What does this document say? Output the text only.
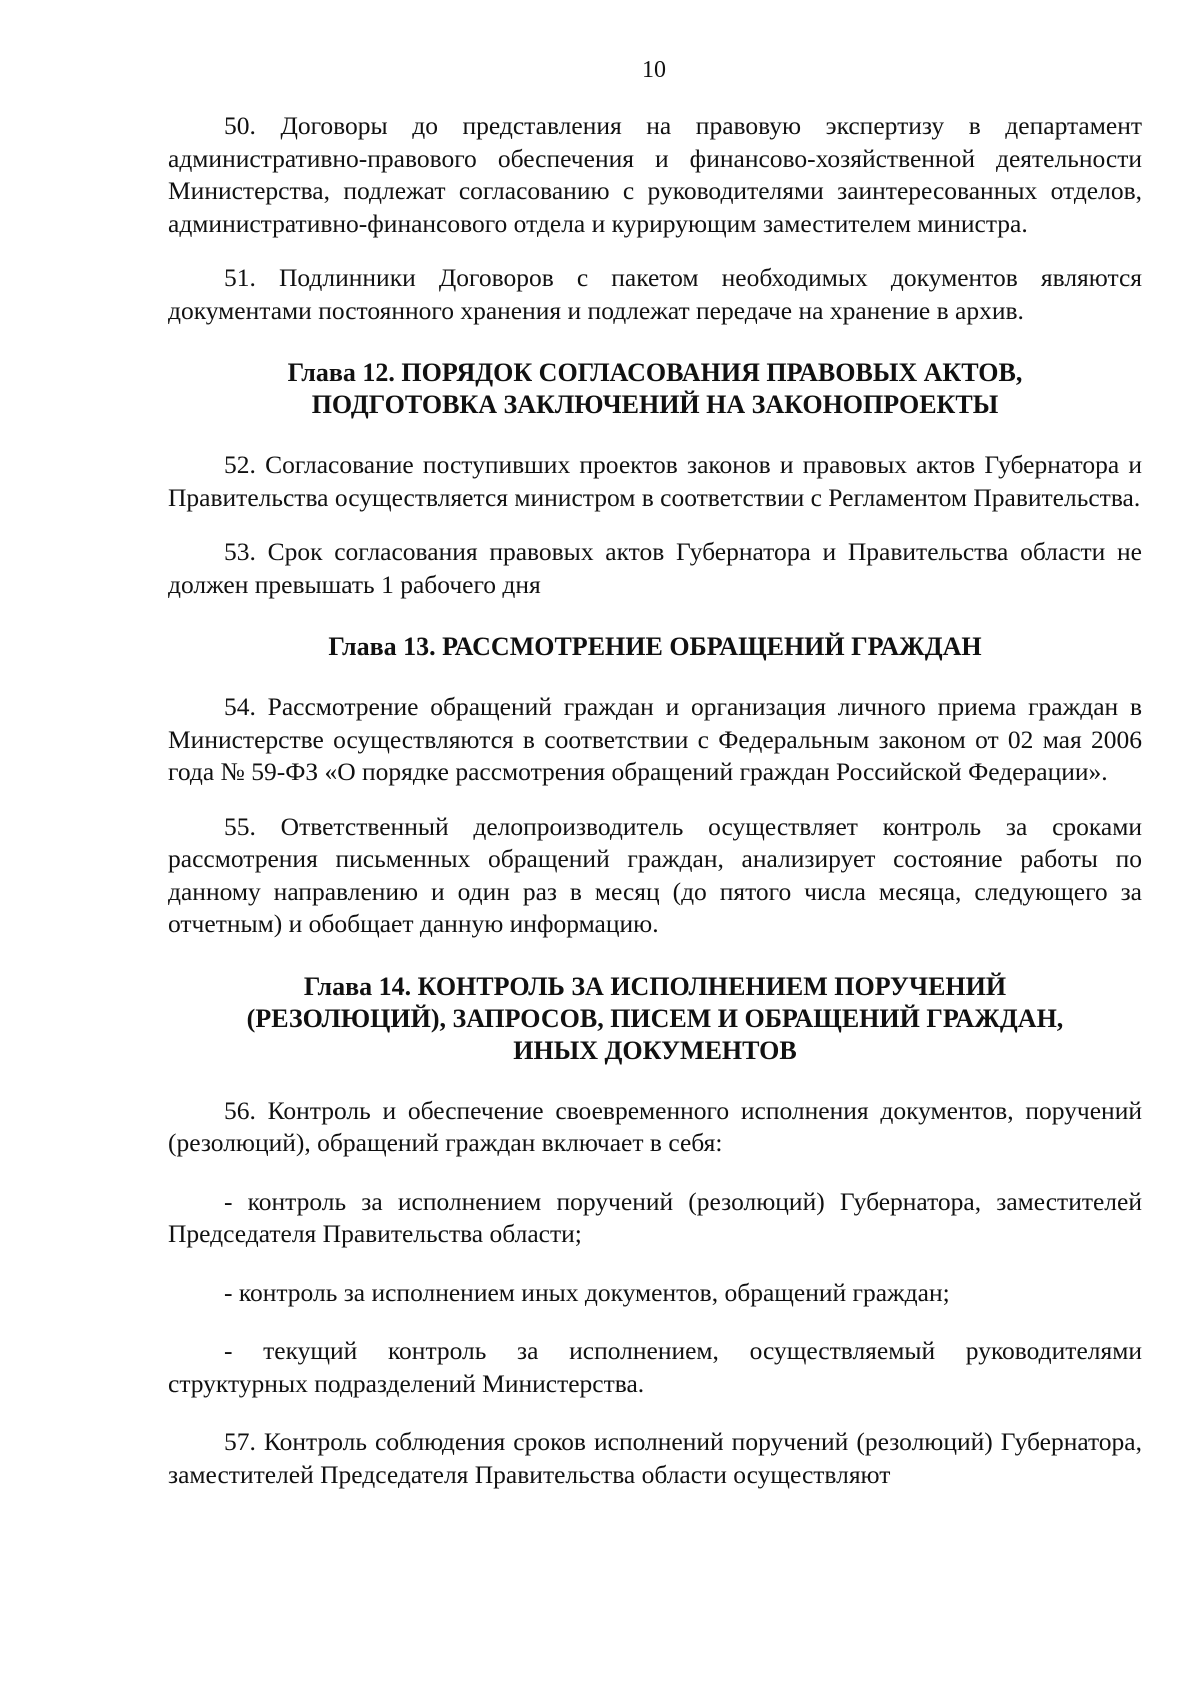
10

50. Договоры до представления на правовую экспертизу в департамент административно-правового обеспечения и финансово-хозяйственной деятельности Министерства, подлежат согласованию с руководителями заинтересованных отделов, административно-финансового отдела и курирующим заместителем министра.

51. Подлинники Договоров с пакетом необходимых документов являются документами постоянного хранения и подлежат передаче на хранение в архив.

Глава 12. ПОРЯДОК СОГЛАСОВАНИЯ ПРАВОВЫХ АКТОВ, ПОДГОТОВКА ЗАКЛЮЧЕНИЙ НА ЗАКОНОПРОЕКТЫ

52. Согласование поступивших проектов законов и правовых актов Губернатора и Правительства осуществляется министром в соответствии с Регламентом Правительства.

53. Срок согласования правовых актов Губернатора и Правительства области не должен превышать 1 рабочего дня

Глава 13. РАССМОТРЕНИЕ ОБРАЩЕНИЙ ГРАЖДАН

54. Рассмотрение обращений граждан и организация личного приема граждан в Министерстве осуществляются в соответствии с Федеральным законом от 02 мая 2006 года № 59-ФЗ «О порядке рассмотрения обращений граждан Российской Федерации».

55. Ответственный делопроизводитель осуществляет контроль за сроками рассмотрения письменных обращений граждан, анализирует состояние работы по данному направлению и один раз в месяц (до пятого числа месяца, следующего за отчетным) и обобщает данную информацию.

Глава 14. КОНТРОЛЬ ЗА ИСПОЛНЕНИЕМ ПОРУЧЕНИЙ (РЕЗОЛЮЦИЙ), ЗАПРОСОВ, ПИСЕМ И ОБРАЩЕНИЙ ГРАЖДАН, ИНЫХ ДОКУМЕНТОВ

56. Контроль и обеспечение своевременного исполнения документов, поручений (резолюций), обращений граждан включает в себя:

- контроль за исполнением поручений (резолюций) Губернатора, заместителей Председателя Правительства области;

- контроль за исполнением иных документов, обращений граждан;

- текущий контроль за исполнением, осуществляемый руководителями структурных подразделений Министерства.

57. Контроль соблюдения сроков исполнений поручений (резолюций) Губернатора, заместителей Председателя Правительства области осуществляют
